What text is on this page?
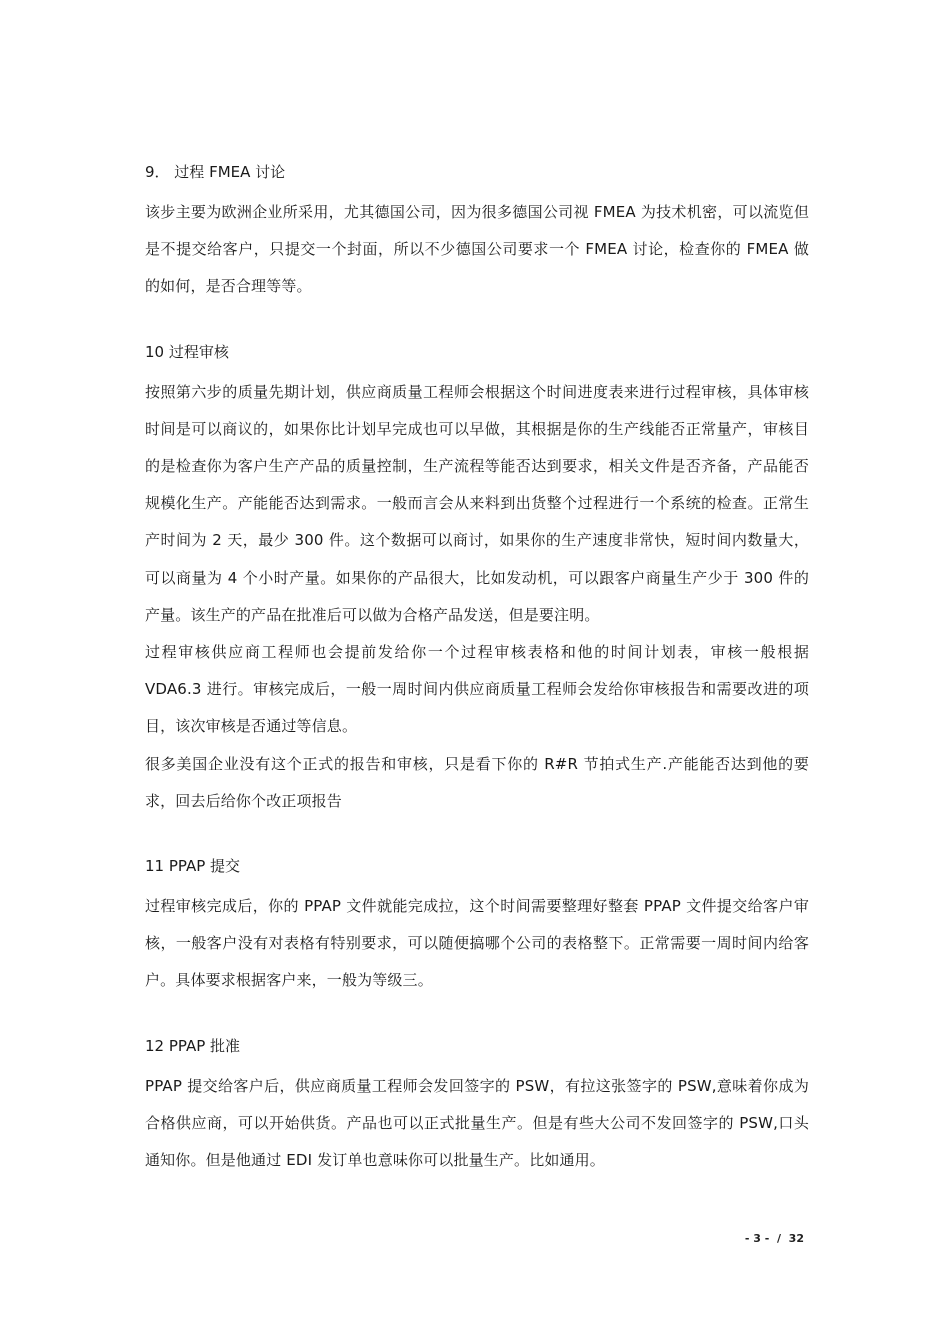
9． 过程 FMEA 讨论

该步主要为欧洲企业所采用，尤其德国公司，因为很多德国公司视 FMEA 为技术机密，可以流览但是不提交给客户，只提交一个封面，所以不少德国公司要求一个 FMEA 讨论，检查你的 FMEA 做的如何，是否合理等等。

10 过程审核

按照第六步的质量先期计划，供应商质量工程师会根据这个时间进度表来进行过程审核，具体审核时间是可以商议的，如果你比计划早完成也可以早做，其根据是你的生产线能否正常量产，审核目的是检查你为客户生产产品的质量控制，生产流程等能否达到要求，相关文件是否齐备，产品能否规模化生产。产能能否达到需求。一般而言会从来料到出货整个过程进行一个系统的检查。正常生产时间为 2 天，最少 300 件。这个数据可以商讨，如果你的生产速度非常快，短时间内数量大，可以商量为 4 个小时产量。如果你的产品很大，比如发动机，可以跟客户商量生产少于 300 件的产量。该生产的产品在批准后可以做为合格产品发送，但是要注明。

过程审核供应商工程师也会提前发给你一个过程审核表格和他的时间计划表，审核一般根据 VDA6.3 进行。审核完成后，一般一周时间内供应商质量工程师会发给你审核报告和需要改进的项目，该次审核是否通过等信息。

很多美国企业没有这个正式的报告和审核，只是看下你的 R#R 节拍式生产.产能能否达到他的要求，回去后给你个改正项报告

11 PPAP 提交

过程审核完成后，你的 PPAP 文件就能完成拉，这个时间需要整理好整套 PPAP 文件提交给客户审核，一般客户没有对表格有特别要求，可以随便搞哪个公司的表格整下。正常需要一周时间内给客户。具体要求根据客户来，一般为等级三。

12 PPAP 批准

PPAP 提交给客户后，供应商质量工程师会发回签字的 PSW，有拉这张签字的 PSW,意味着你成为合格供应商，可以开始供货。产品也可以正式批量生产。但是有些大公司不发回签字的 PSW,口头通知你。但是他通过 EDI 发订单也意味你可以批量生产。比如通用。

- 3 -  /  32
